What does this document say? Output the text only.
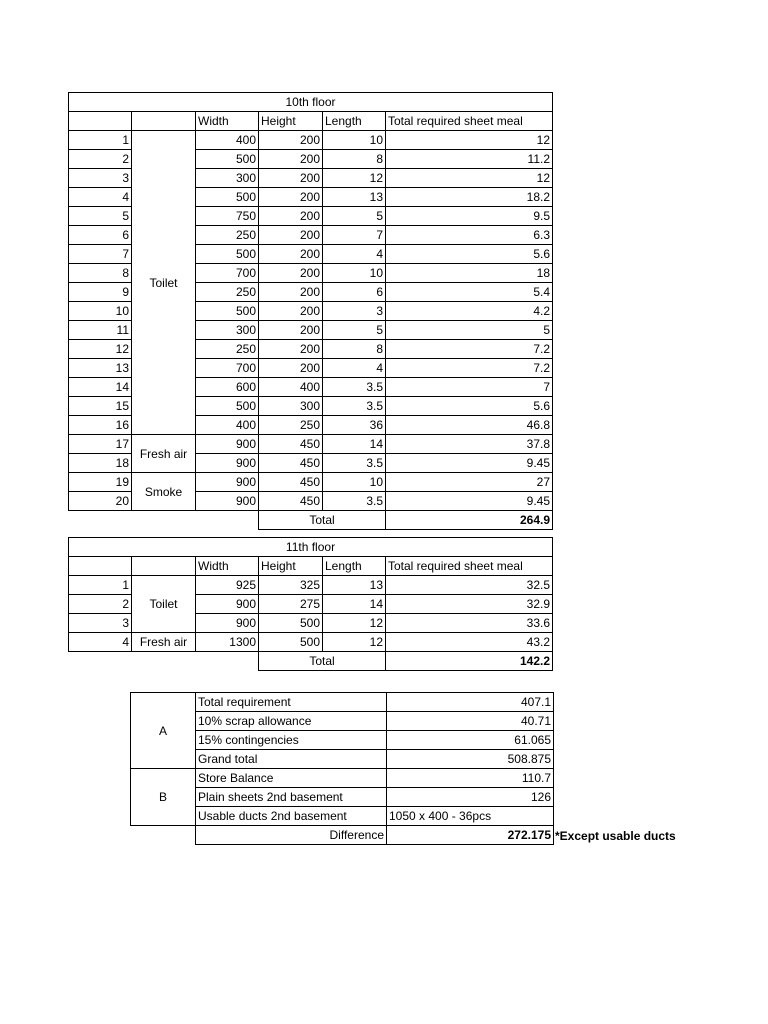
10th floor					
		Width	Height	Length	Total required sheet meal
1	Toilet	400	200	10	12
2		500	200	8	11.2
3		300	200	12	12
4		500	200	13	18.2
5		750	200	5	9.5
6		250	200	7	6.3
7		500	200	4	5.6
8		700	200	10	18
9		250	200	6	5.4
10		500	200	3	4.2
11		300	200	5	5
12		250	200	8	7.2
13		700	200	4	7.2
14		600	400	3.5	7
15		500	300	3.5	5.6
16		400	250	36	46.8
17	Fresh air	900	450	14	37.8
18		900	450	3.5	9.45
19	Smoke	900	450	10	27
20		900	450	3.5	9.45
			Total		264.9
11th floor					
		Width	Height	Length	Total required sheet meal
1	Toilet	925	325	13	32.5
2		900	275	14	32.9
3		900	500	12	33.6
4	Fresh air	1300	500	12	43.2
			Total		142.2
A	Total requirement	407.1
	10% scrap allowance	40.71
	15% contingencies	61.065
	Grand total	508.875
B	Store Balance	110.7
	Plain sheets 2nd basement	126
	Usable ducts 2nd basement	1050 x 400 - 36pcs
	Difference	272.175 *Except usable ducts
